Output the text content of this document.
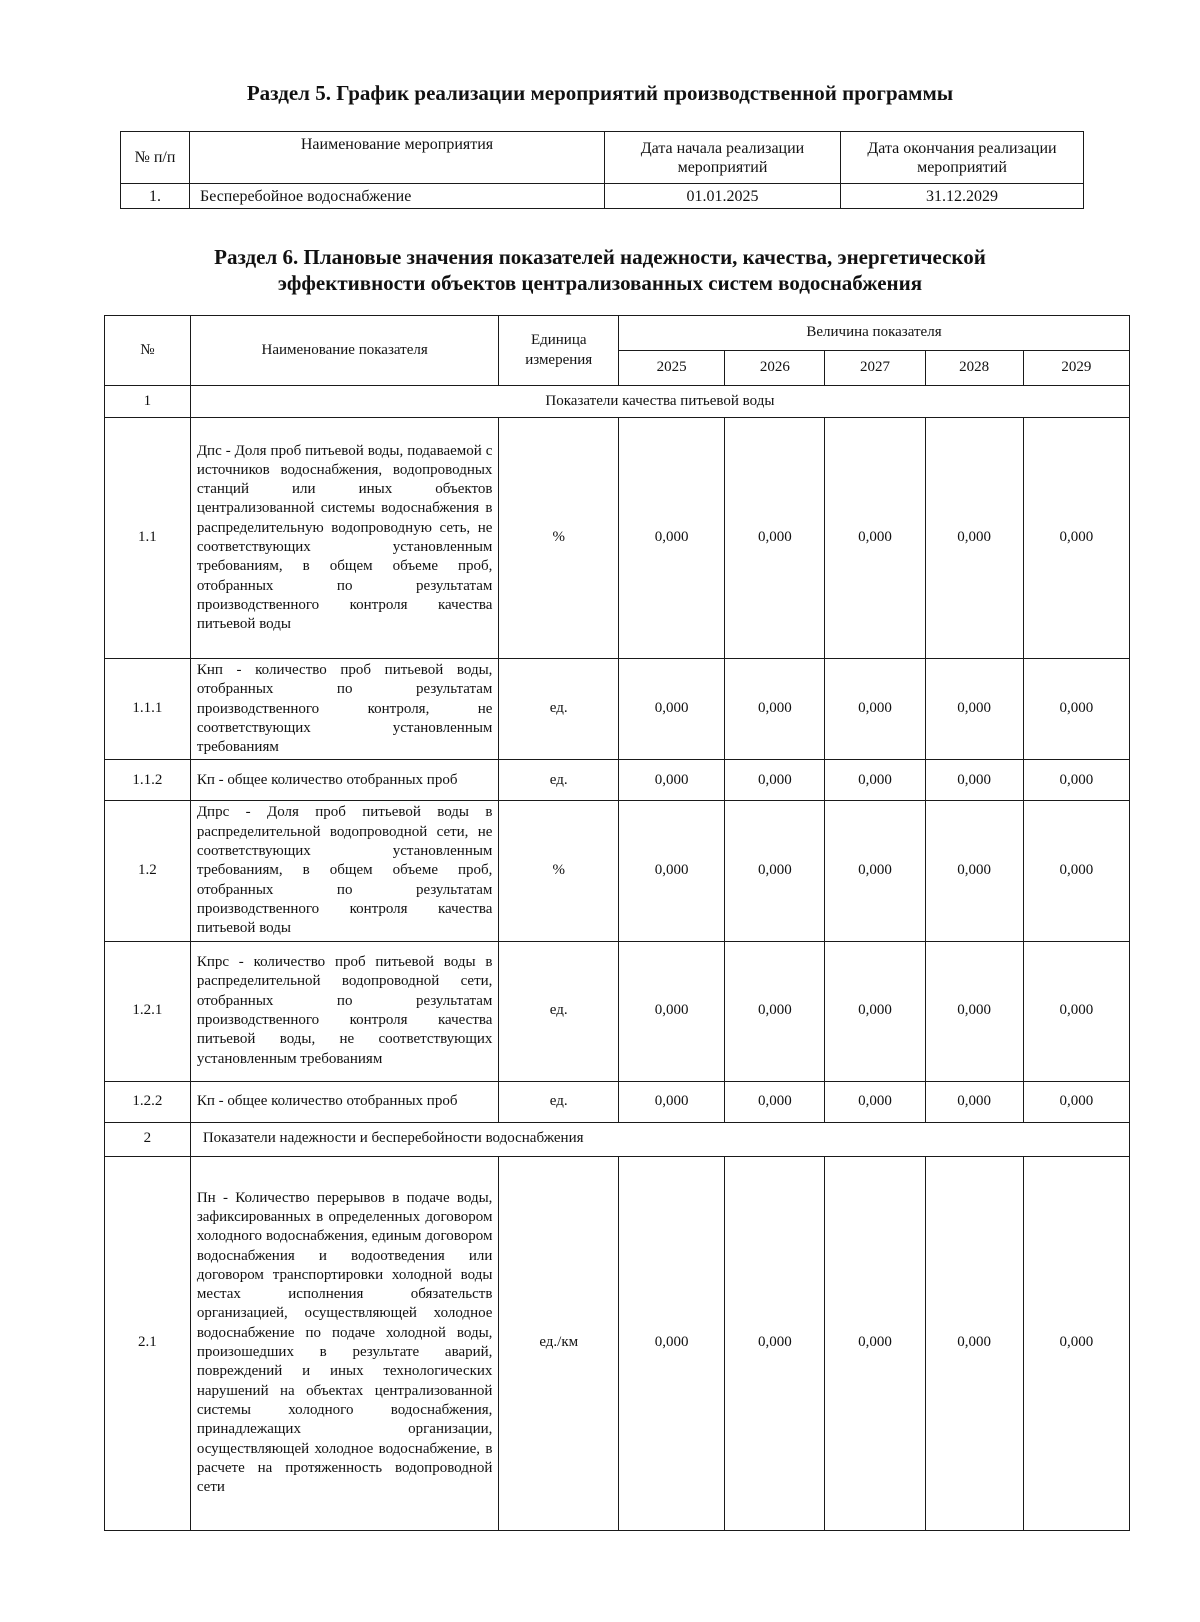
Раздел 5. График реализации мероприятий производственной программы
№ п/п	Наименование мероприятия	Дата начала реализации мероприятий	Дата окончания реализации мероприятий
1.	Бесперебойное водоснабжение	01.01.2025	31.12.2029
Раздел 6. Плановые значения показателей надежности, качества, энергетической эффективности объектов централизованных систем водоснабжения
№	Наименование показателя	Единица измерения	Величина показателя				
			2025	2026	2027	2028	2029
1	Показатели качества питьевой воды						
1.1	Дпс - Доля проб питьевой воды, подаваемой с источников водоснабжения, водопроводных станций или иных объектов централизованной системы водоснабжения в распределительную водопроводную сеть, не соответствующих установленным требованиям, в общем объеме проб, отобранных по результатам производственного контроля качества питьевой воды	%	0,000	0,000	0,000	0,000	0,000
1.1.1	Кнп - количество проб питьевой воды, отобранных по результатам производственного контроля, не соответствующих установленным требованиям	ед.	0,000	0,000	0,000	0,000	0,000
1.1.2	Кп - общее количество отобранных проб	ед.	0,000	0,000	0,000	0,000	0,000
1.2	Дпрс - Доля проб питьевой воды в распределительной водопроводной сети, не соответствующих установленным требованиям, в общем объеме проб, отобранных по результатам производственного контроля качества питьевой воды	%	0,000	0,000	0,000	0,000	0,000
1.2.1	Кпрс - количество проб питьевой воды в распределительной водопроводной сети, отобранных по результатам производственного контроля качества питьевой воды, не соответствующих установленным требованиям	ед.	0,000	0,000	0,000	0,000	0,000
1.2.2	Кп - общее количество отобранных проб	ед.	0,000	0,000	0,000	0,000	0,000
2	Показатели надежности и бесперебойности водоснабжения						
2.1	Пн - Количество перерывов в подаче воды, зафиксированных в определенных договором холодного водоснабжения, единым договором водоснабжения и водоотведения или договором транспортировки холодной воды местах исполнения обязательств организацией, осуществляющей холодное водоснабжение по подаче холодной воды, произошедших в результате аварий, повреждений и иных технологических нарушений на объектах централизованной системы холодного водоснабжения, принадлежащих организации, осуществляющей холодное водоснабжение, в расчете на протяженность водопроводной сети	ед./км	0,000	0,000	0,000	0,000	0,000
